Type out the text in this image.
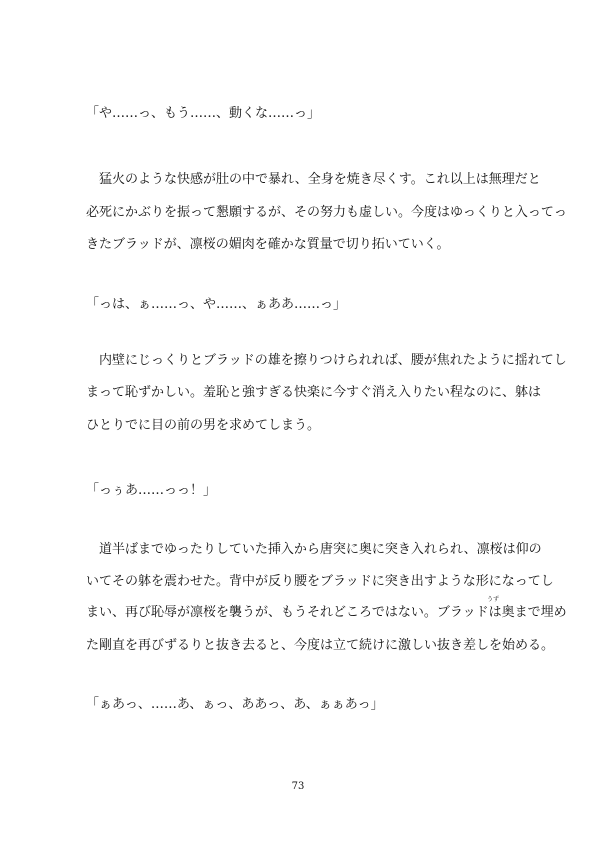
「や……っ、もう……、動くな……っ」
　猛火のような快感が肚の中で暴れ、全身を焼き尽くす。これ以上は無理だと
必死にかぶりを振って懇願するが、その努力も虚しい。今度はゆっくりと入ってっ
きたブラッドが、凛桜の媚肉を確かな質量で切り拓いていく。
「っは、ぁ……っ、や……、ぁああ……っ」
　内壁にじっくりとブラッドの雄を擦りつけられれば、腰が焦れたように揺れてし
まって恥ずかしい。羞恥と強すぎる快楽に今すぐ消え入りたい程なのに、躰は
ひとりでに目の前の男を求めてしまう。
「っぅあ……っっ！」
　道半ばまでゆったりしていた挿入から唐突に奥に突き入れられ、凛桜は仰の
いてその躰を震わせた。背中が反り腰をブラッドに突き出すような形になってし
うず
まい、再び恥辱が凛桜を襲うが、もうそれどころではない。ブラッドは奥まで埋め
た剛直を再びずるりと抜き去ると、今度は立て続けに激しい抜き差しを始める。
「ぁあっ、……あ、ぁっ、ああっ、あ、ぁぁあっ」
73
